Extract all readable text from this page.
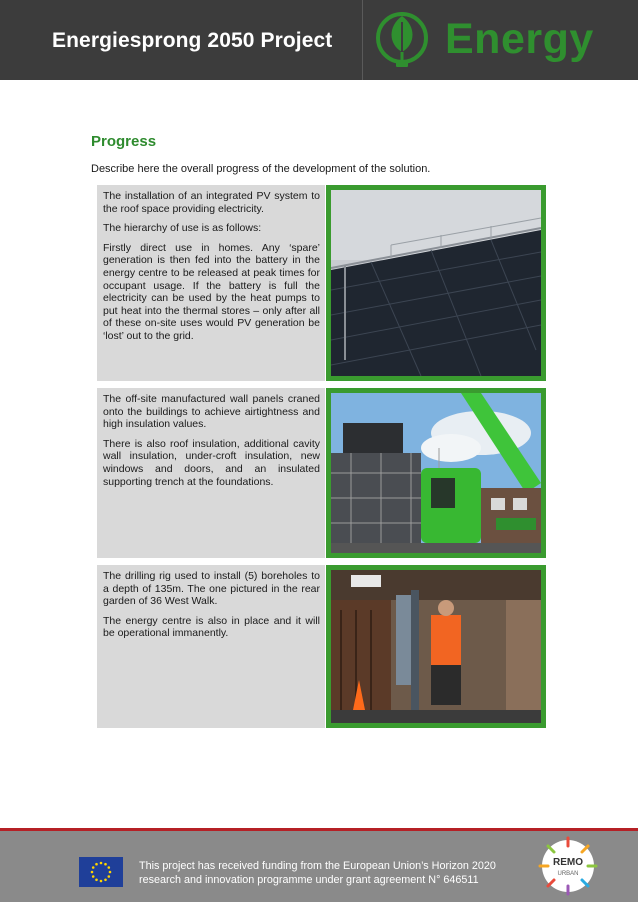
Energiesprong 2050 Project	Energy
Progress
Describe here the overall progress of the development of the solution.

The installation of an integrated PV system to the roof space providing electricity.

The hierarchy of use is as follows:

Firstly direct use in homes. Any ‘spare’ generation is then fed into the battery in the energy centre to be released at peak times for occupant usage. If the battery is full the electricity can be used by the heat pumps to put heat into the thermal stores – only after all of these on-site uses would PV generation be ‘lost’ out to the grid.

The off-site manufactured wall panels craned onto the buildings to achieve airtightness and high insulation values.

There is also roof insulation, additional cavity wall insulation, under-croft insulation, new windows and doors, and an insulated supporting trench at the foundations.

The drilling rig used to install (5) boreholes to a depth of 135m. The one pictured in the rear garden of 36 West Walk.

The energy centre is also in place and it will be operational immanently.

This project has received funding from the European Union’s Horizon 2020
research and innovation programme under grant agreement N° 646511
REMO
URBAN
